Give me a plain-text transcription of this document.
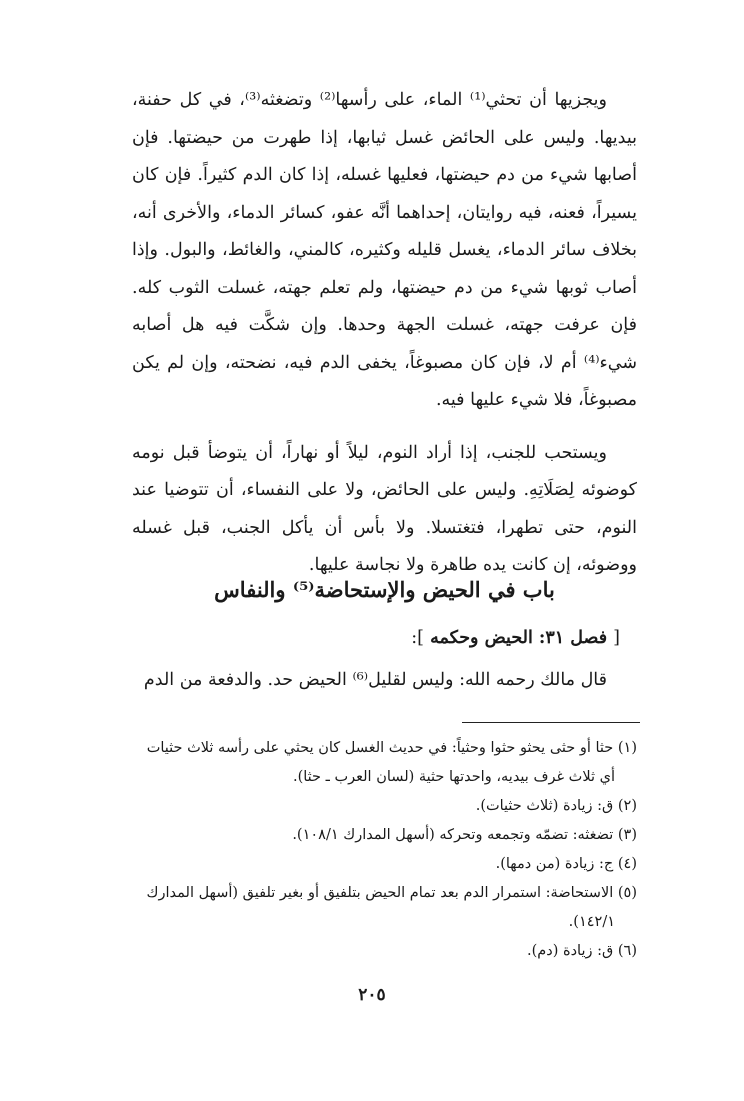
ويجزيها أن تحثي⁽¹⁾ الماء، على رأسها⁽²⁾ وتضغثه⁽³⁾، في كل حفنة، بيديها. وليس على الحائض غسل ثيابها، إذا طهرت من حيضتها. فإن أصابها شيء من دم حيضتها، فعليها غسله، إذا كان الدم كثيراً. فإن كان يسيراً، فعنه، فيه روايتان، إحداهما أنَّه عفو، كسائر الدماء، والأخرى أنه، بخلاف سائر الدماء، يغسل قليله وكثيره، كالمني، والغائط، والبول. وإذا أصاب ثوبها شيء من دم حيضتها، ولم تعلم جهته، غسلت الثوب كله. فإن عرفت جهته، غسلت الجهة وحدها. وإن شكَّت فيه هل أصابه شيء⁽⁴⁾ أم لا، فإن كان مصبوغاً، يخفى الدم فيه، نضحته، وإن لم يكن مصبوغاً، فلا شيء عليها فيه.

ويستحب للجنب، إذا أراد النوم، ليلاً أو نهاراً، أن يتوضأ قبل نومه كوضوئه لِصَلَاتِهِ. وليس على الحائض، ولا على النفساء، أن تتوضيا عند النوم، حتى تطهرا، فتغتسلا. ولا بأس أن يأكل الجنب، قبل غسله ووضوئه، إن كانت يده طاهرة ولا نجاسة عليها.

باب في الحيض والإستحاضة⁽⁵⁾ والنفاس
[ فصل ٣١: الحيض وحكمه ]:
قال مالك رحمه الله: وليس لقليل⁽⁶⁾ الحيض حد. والدفعة من الدم
(١) حثا أو حثى يحثو حثوا وحثياً: في حديث الغسل كان يحثي على رأسه ثلاث حثيات
أي ثلاث غرف بيديه، واحدتها حثية (لسان العرب ـ حثا).
(٢) ق: زيادة (ثلاث حثيات).
(٣) تضغثه: تضمّه وتجمعه وتحركه (أسهل المدارك ١٠٨/١).
(٤) ج: زيادة (من دمها).
(٥) الاستحاضة: استمرار الدم بعد تمام الحيض بتلفيق أو بغير تلفيق (أسهل المدارك
١٤٢/١).
(٦) ق: زيادة (دم).
٢٠٥
